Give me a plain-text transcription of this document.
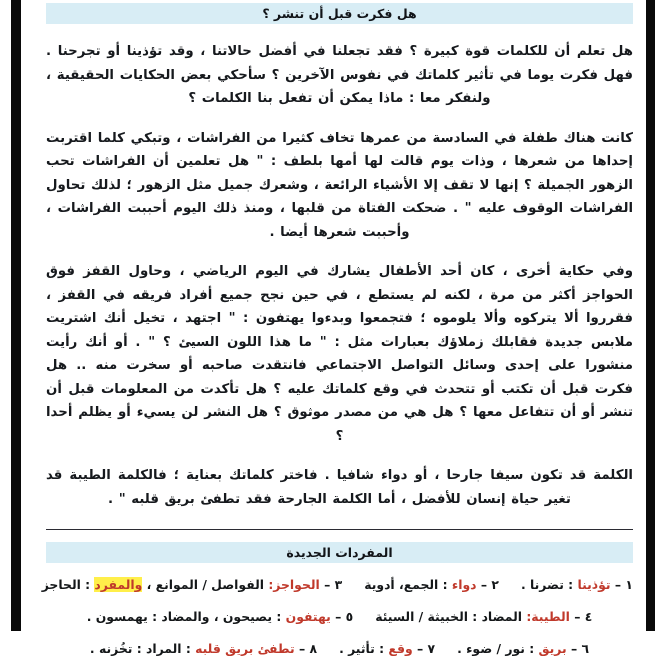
هل فكرت قبل أن تنشر ؟

هل تعلم أن للكلمات قوة كبيرة ؟ فقد تجعلنا في أفضل حالاتنا ، وقد تؤذينا أو تجرحنا . فهل فكرت يوما في تأثير كلماتك في نفوس الآخرين ؟ سأحكي بعض الحكايات الحقيقية ، ولنفكر معا : ماذا يمكن أن تفعل بنا الكلمات ؟

كانت هناك طفلة في السادسة من عمرها تخاف كثيرا من الفراشات ، وتبكي كلما اقتربت إحداها من شعرها ، وذات يوم قالت لها أمها بلطف : " هل تعلمين أن الفراشات تحب الزهور الجميلة ؟ إنها لا تقف إلا الأشياء الرائعة ، وشعرك جميل مثل الزهور ؛ لذلك تحاول الفراشات الوقوف عليه " . ضحكت الفتاة من قلبها ، ومنذ ذلك اليوم أحببت الفراشات ، وأحببت شعرها أيضا .

وفي حكاية أخرى ، كان أحد الأطفال يشارك في اليوم الرياضي ، وحاول القفز فوق الحواجز أكثر من مرة ، لكنه لم يستطع ، في حين نجح جميع أفراد فريقه في القفز ، فقرروا ألا يتركوه وألا يلوموه ؛ فتجمعوا وبدءوا يهتفون : " اجتهد ، تخيل أنك اشتريت ملابس جديدة فقابلك زملاؤك بعبارات مثل : " ما هذا اللون السيئ ؟ " . أو أنك رأيت منشورا على إحدى وسائل التواصل الاجتماعي فانتقدت صاحبه أو سخرت منه .. هل فكرت قبل أن تكتب أو تتحدث في وقع كلماتك عليه ؟ هل تأكدت من المعلومات قبل أن تنشر أو أن تتفاعل معها ؟ هل هي من مصدر موثوق ؟ هل النشر لن يسيء أو يظلم أحدا ؟

الكلمة قد تكون سيفا جارحا ، أو دواء شافيا . فاختر كلماتك بعناية ؛ فالكلمة الطيبة قد تغير حياة إنسان للأفضل ، أما الكلمة الجارحة فقد تطفئ بريق قلبه " .

المفردات الجديدة
١ – تؤذينا : تضرنا .٢ – دواء : الجمع، أدوية٣ – الحواجز: الفواصل / الموانع ، والمفرد : الحاجز
٤ – الطيبة: المضاد : الخبيثة / السيئة٥ – يهتفون : يصيحون ، والمضاد : يهمسون .
٦ – بريق : نور / ضوء .٧ – وقع : تأثير .٨ – تطفئ بريق قلبه : المراد : تخُزنه .
